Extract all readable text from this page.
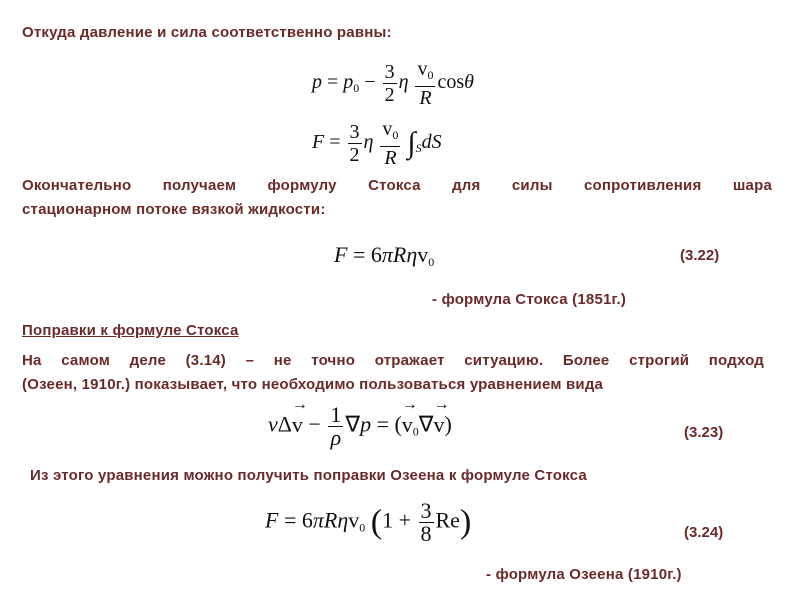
Откуда давление и сила соответственно равны:
$p = p_0 - \frac{3}{2}$ η $\frac{v_0}{R}$ cosθ
$F = \frac{3}{2}$ η $\frac{v_0}{R} \int_SdS$
Окончательно получаем формулу Стокса для силы сопротивления шара
стационарном потоке вязкой жидкости:
F = 6πRηv$_0$	(3.22)
- формула Стокса (1851г.)
Поправки к формуле Стокса
На самом деле (3.14) – не точно отражает ситуацию. Более строгий подход
(Озеен, 1910г.) показывает, что необходимо пользоваться уравнением вида
$\nu\Delta\to v - \frac{1}{\rho} \nabla p$ = (→ $v_0\nabla\to v$)	(3.23)
Из этого уравнения можно получить поправки Озеена к формуле Стокса
F = 6πRηv$_0$ $(1 + \frac{3}{8} Re)$	(3.24)
- формула Озеена (1910г.)
